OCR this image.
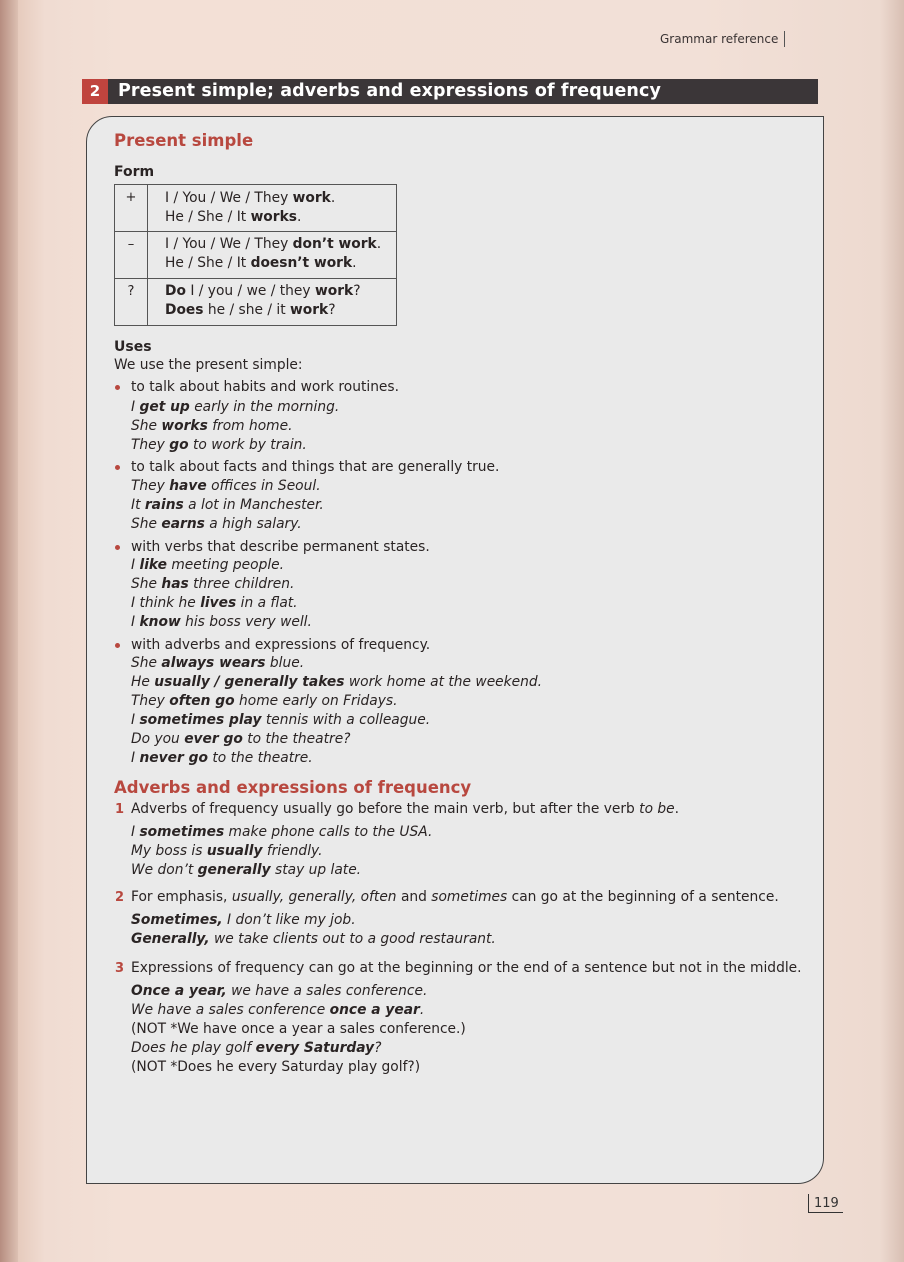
Grammar reference
2	Present simple; adverbs and expressions of frequency
Present simple
Form
+	I / You / We / They work.
He / She / It works.
–	I / You / We / They don’t work.
He / She / It doesn’t work.
?	Do I / you / we / they work?
Does he / she / it work?
Uses
We use the present simple:
to talk about habits and work routines.
I get up early in the morning.
She works from home.
They go to work by train.
to talk about facts and things that are generally true.
They have offices in Seoul.
It rains a lot in Manchester.
She earns a high salary.
with verbs that describe permanent states.
I like meeting people.
She has three children.
I think he lives in a flat.
I know his boss very well.
with adverbs and expressions of frequency.
She always wears blue.
He usually / generally takes work home at the weekend.
They often go home early on Fridays.
I sometimes play tennis with a colleague.
Do you ever go to the theatre?
I never go to the theatre.
Adverbs and expressions of frequency
1 Adverbs of frequency usually go before the main verb, but after the verb to be.
I sometimes make phone calls to the USA.
My boss is usually friendly.
We don’t generally stay up late.
2 For emphasis, usually, generally, often and sometimes can go at the beginning of a sentence.
Sometimes, I don’t like my job.
Generally, we take clients out to a good restaurant.
3 Expressions of frequency can go at the beginning or the end of a sentence but not in the middle.
Once a year, we have a sales conference.
We have a sales conference once a year.
(NOT *We have once a year a sales conference.)
Does he play golf every Saturday?
(NOT *Does he every Saturday play golf?)
119
